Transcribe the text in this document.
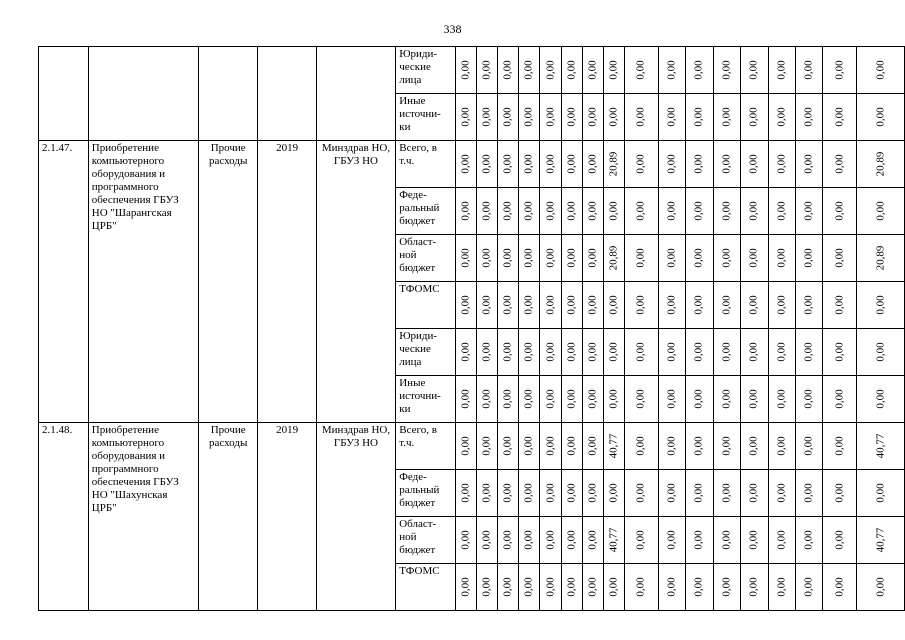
338
					Юриди-
ческие
лица	0,00	0,00	0,00	0,00	0,00	0,00	0,00	0,00	0,00	0,00	0,00	0,00	0,00	0,00	0,00	0,00	0,00

					Иные
источни-
ки	0,00	0,00	0,00	0,00	0,00	0,00	0,00	0,00	0,00	0,00	0,00	0,00	0,00	0,00	0,00	0,00	0,00

2.1.47.	Приобретение компьютерного оборудования и программного обеспечения ГБУЗ НО "Шарангская ЦРБ"	Прочие расходы	2019	Минздрав НО, ГБУЗ НО	Всего, в
т.ч.	0,00	0,00	0,00	0,00	0,00	0,00	0,00	20,89	0,00	0,00	0,00	0,00	0,00	0,00	0,00	0,00	20,89

					Феде-
ральный
бюджет	0,00	0,00	0,00	0,00	0,00	0,00	0,00	0,00	0,00	0,00	0,00	0,00	0,00	0,00	0,00	0,00	0,00

					Област-
ной
бюджет	0,00	0,00	0,00	0,00	0,00	0,00	0,00	20,89	0,00	0,00	0,00	0,00	0,00	0,00	0,00	0,00	20,89

					ТФОМС	0,00	0,00	0,00	0,00	0,00	0,00	0,00	0,00	0,00	0,00	0,00	0,00	0,00	0,00	0,00	0,00	0,00

					Юриди-
ческие
лица	0,00	0,00	0,00	0,00	0,00	0,00	0,00	0,00	0,00	0,00	0,00	0,00	0,00	0,00	0,00	0,00	0,00

					Иные
источни-
ки	0,00	0,00	0,00	0,00	0,00	0,00	0,00	0,00	0,00	0,00	0,00	0,00	0,00	0,00	0,00	0,00	0,00

2.1.48.	Приобретение компьютерного оборудования и программного обеспечения ГБУЗ НО "Шахунская ЦРБ"	Прочие расходы	2019	Минздрав НО, ГБУЗ НО	Всего, в
т.ч.	0,00	0,00	0,00	0,00	0,00	0,00	0,00	40,77	0,00	0,00	0,00	0,00	0,00	0,00	0,00	0,00	40,77

					Феде-
ральный
бюджет	0,00	0,00	0,00	0,00	0,00	0,00	0,00	0,00	0,00	0,00	0,00	0,00	0,00	0,00	0,00	0,00	0,00

					Област-
ной
бюджет	0,00	0,00	0,00	0,00	0,00	0,00	0,00	40,77	0,00	0,00	0,00	0,00	0,00	0,00	0,00	0,00	40,77

					ТФОМС	0,00	0,00	0,00	0,00	0,00	0,00	0,00	0,00	0,00	0,00	0,00	0,00	0,00	0,00	0,00	0,00	0,00
